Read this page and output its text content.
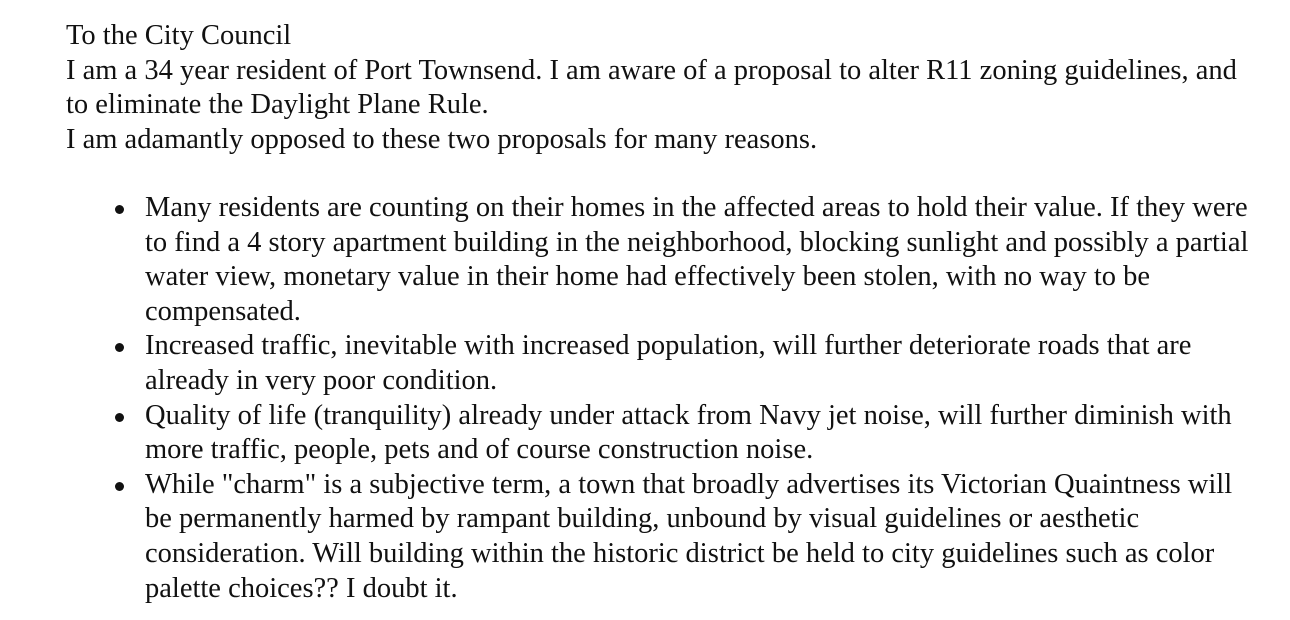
To the City Council

I am a 34 year resident of Port Townsend. I am aware of a proposal to alter R11 zoning guidelines, and to eliminate the Daylight Plane Rule.

I am adamantly opposed to these two proposals for many reasons.

Many residents are counting on their homes in the affected areas to hold their value. If they were to find a 4 story apartment building in the neighborhood, blocking sunlight and possibly a partial water view, monetary value in their home had effectively been stolen, with no way to be compensated.
Increased traffic, inevitable with increased population, will further deteriorate roads that are already in very poor condition.
Quality of life (tranquility) already under attack from Navy jet noise, will further diminish with more traffic, people, pets and of course construction noise.
While "charm" is a subjective term, a town that broadly advertises its Victorian Quaintness will be permanently harmed by rampant building, unbound by visual guidelines or aesthetic consideration. Will building within the historic district be held to city guidelines such as color palette choices?? I doubt it.
